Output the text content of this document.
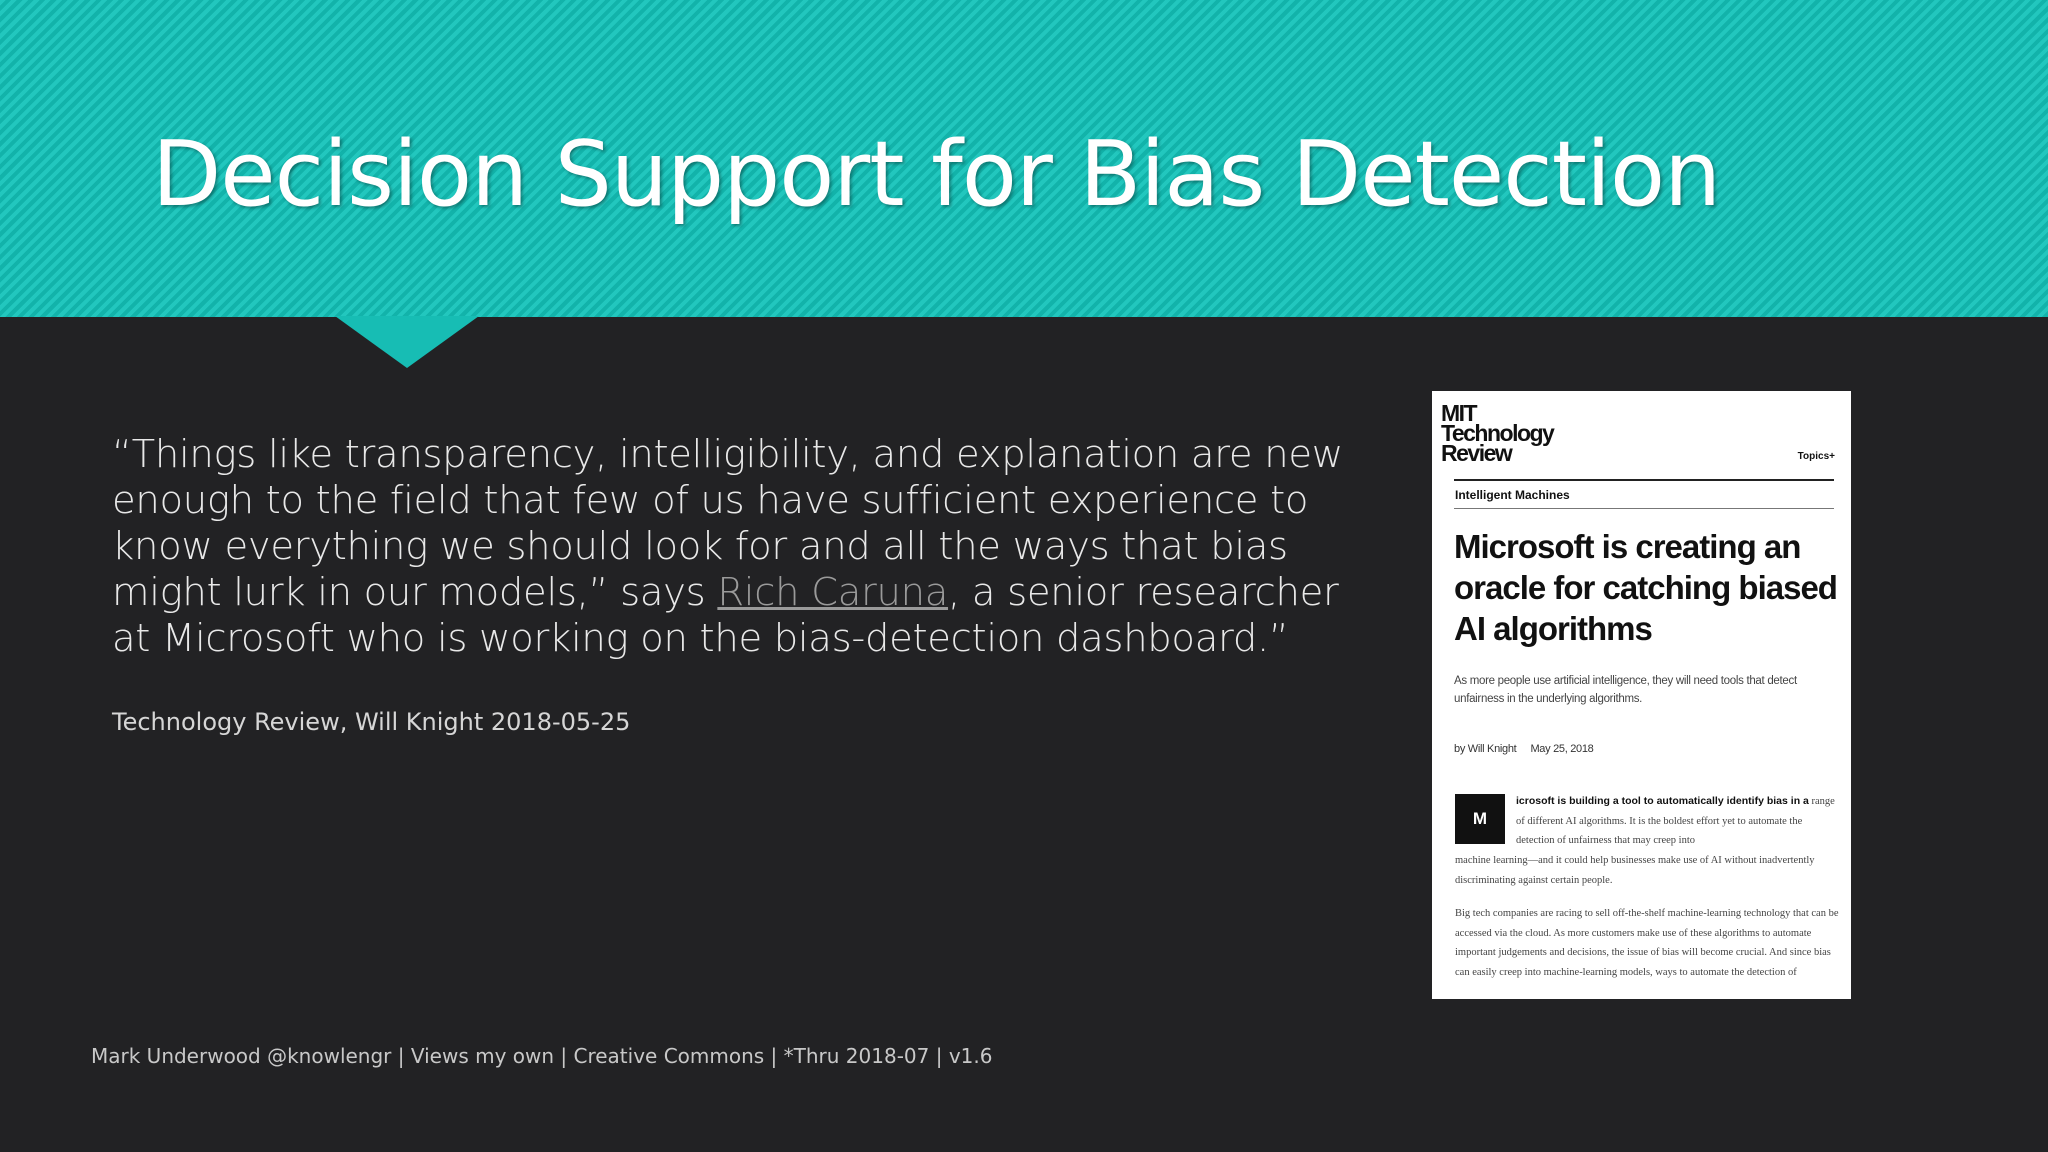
Decision Support for Bias Detection

“Things like transparency, intelligibility, and explanation are new enough to the field that few of us have sufficient experience to know everything we should look for and all the ways that bias might lurk in our models,” says Rich Caruna, a senior researcher at Microsoft who is working on the bias-detection dashboard.”

Technology Review, Will Knight 2018-05-25

MIT
Technology
Review	Topics+
Intelligent Machines
Microsoft is creating an oracle for catching biased AI algorithms

As more people use artificial intelligence, they will need tools that detect unfairness in the underlying algorithms.

by Will Knight May 25, 2018
M
icrosoft is building a tool to automatically identify bias in a range of different AI algorithms. It is the boldest effort yet to automate the detection of unfairness that may creep into

machine learning—and it could help businesses make use of AI without inadvertently discriminating against certain people.

Big tech companies are racing to sell off-the-shelf machine-learning technology that can be accessed via the cloud. As more customers make use of these algorithms to automate important judgements and decisions, the issue of bias will become crucial. And since bias can easily creep into machine-learning models, ways to automate the detection of

Mark Underwood @knowlengr | Views my own | Creative Commons | *Thru 2018-07 | v1.6
